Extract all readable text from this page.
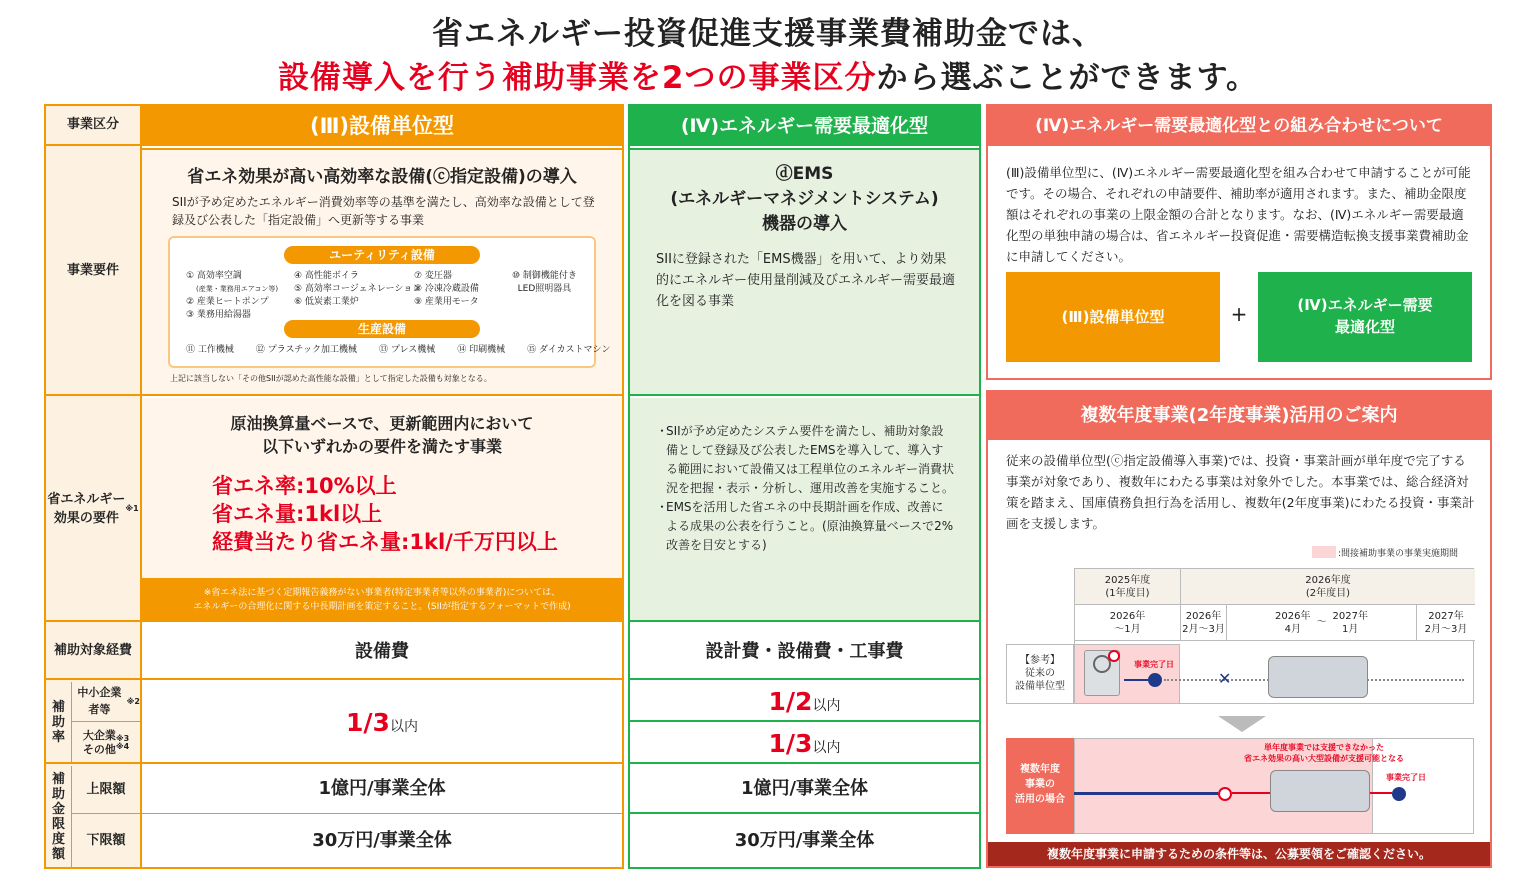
省エネルギー投資促進支援事業費補助金では、
設備導入を行う補助事業を2つの事業区分から選ぶことができます。
事業区分
事業要件
省エネルギー
効果の要件
※1
補助対象経費
補
助
率
中小企業者等
※2
大企業
その他
※3
※4
補
助
金
限
度
額
上限額
下限額
(Ⅲ)設備単位型
省エネ効果が高い高効率な設備(ⓒ指定設備)の導入
SIIが予め定めたエネルギー消費効率等の基準を満たし、高効率な設備として登録及び公表した「指定設備」へ更新等する事業
ユーティリティ設備
① 高効率空調
(産業・業務用エアコン等)
② 産業ヒートポンプ
③ 業務用給湯器
④ 高性能ボイラ
⑤ 高効率コージェネレーション
⑥ 低炭素工業炉
⑦ 変圧器
⑧ 冷凍冷蔵設備
⑨ 産業用モータ
⑩ 制御機能付き
LED照明器具
生産設備
⑪ 工作機械 ⑫ プラスチック加工機械 ⑬ プレス機械 ⑭ 印刷機械 ⑮ ダイカストマシン
上記に該当しない「その他SIIが認めた高性能な設備」として指定した設備も対象となる。
原油換算量ベースで、更新範囲内において
以下いずれかの要件を満たす事業
省エネ率:10%以上
省エネ量:1kl以上
経費当たり省エネ量:1kl/千万円以上
※省エネ法に基づく定期報告義務がない事業者(特定事業者等以外の事業者)については、
エネルギーの合理化に関する中長期計画を策定すること。(SIIが指定するフォーマットで作成)
設備費
1/3以内
1億円/事業全体
30万円/事業全体
(Ⅳ)エネルギー需要最適化型
ⓓEMS
(エネルギーマネジメントシステム)
機器の導入
SIIに登録された「EMS機器」を用いて、より効果的にエネルギー使用量削減及びエネルギー需要最適化を図る事業
・
SIIが予め定めたシステム要件を満たし、補助対象設備として登録及び公表したEMSを導入して、導入する範囲において設備又は工程単位のエネルギー消費状況を把握・表示・分析し、運用改善を実施すること。
・
EMSを活用した省エネの中長期計画を作成、改善による成果の公表を行うこと。(原油換算量ベースで2%改善を目安とする)
設計費・設備費・工事費
1/2以内
1/3以内
1億円/事業全体
30万円/事業全体
(Ⅳ)エネルギー需要最適化型との組み合わせについて
(Ⅲ)設備単位型に、(Ⅳ)エネルギー需要最適化型を組み合わせて申請することが可能です。その場合、それぞれの申請要件、補助率が適用されます。また、補助金限度額はそれぞれの事業の上限金額の合計となります。なお、(Ⅳ)エネルギー需要最適化型の単独申請の場合は、省エネルギー投資促進・需要構造転換支援事業費補助金に申請してください。
(Ⅲ)設備単位型	+	(Ⅳ)エネルギー需要
最適化型
複数年度事業(2年度事業)活用のご案内
従来の設備単位型(ⓒ指定設備導入事業)では、投資・事業計画が単年度で完了する事業が対象であり、複数年にわたる事業は対象外でした。本事業では、総合経済対策を踏まえ、国庫債務負担行為を活用し、複数年(2年度事業)にわたる投資・事業計画を支援します。
:間接補助事業の事業実施期間
2025年度
(1年度目)
2026年度
(2年度目)
2026年
～1月
2026年
2月～3月
2026年
4月
～
2027年
1月
2027年
2月～3月
【参考】
従来の
設備単位型
事業完了日
✕
複数年度
事業の
活用の場合
事業完了日
単年度事業では支援できなかった
省エネ効果の高い大型設備が支援可能となる
複数年度事業に申請するための条件等は、公募要領をご確認ください。
